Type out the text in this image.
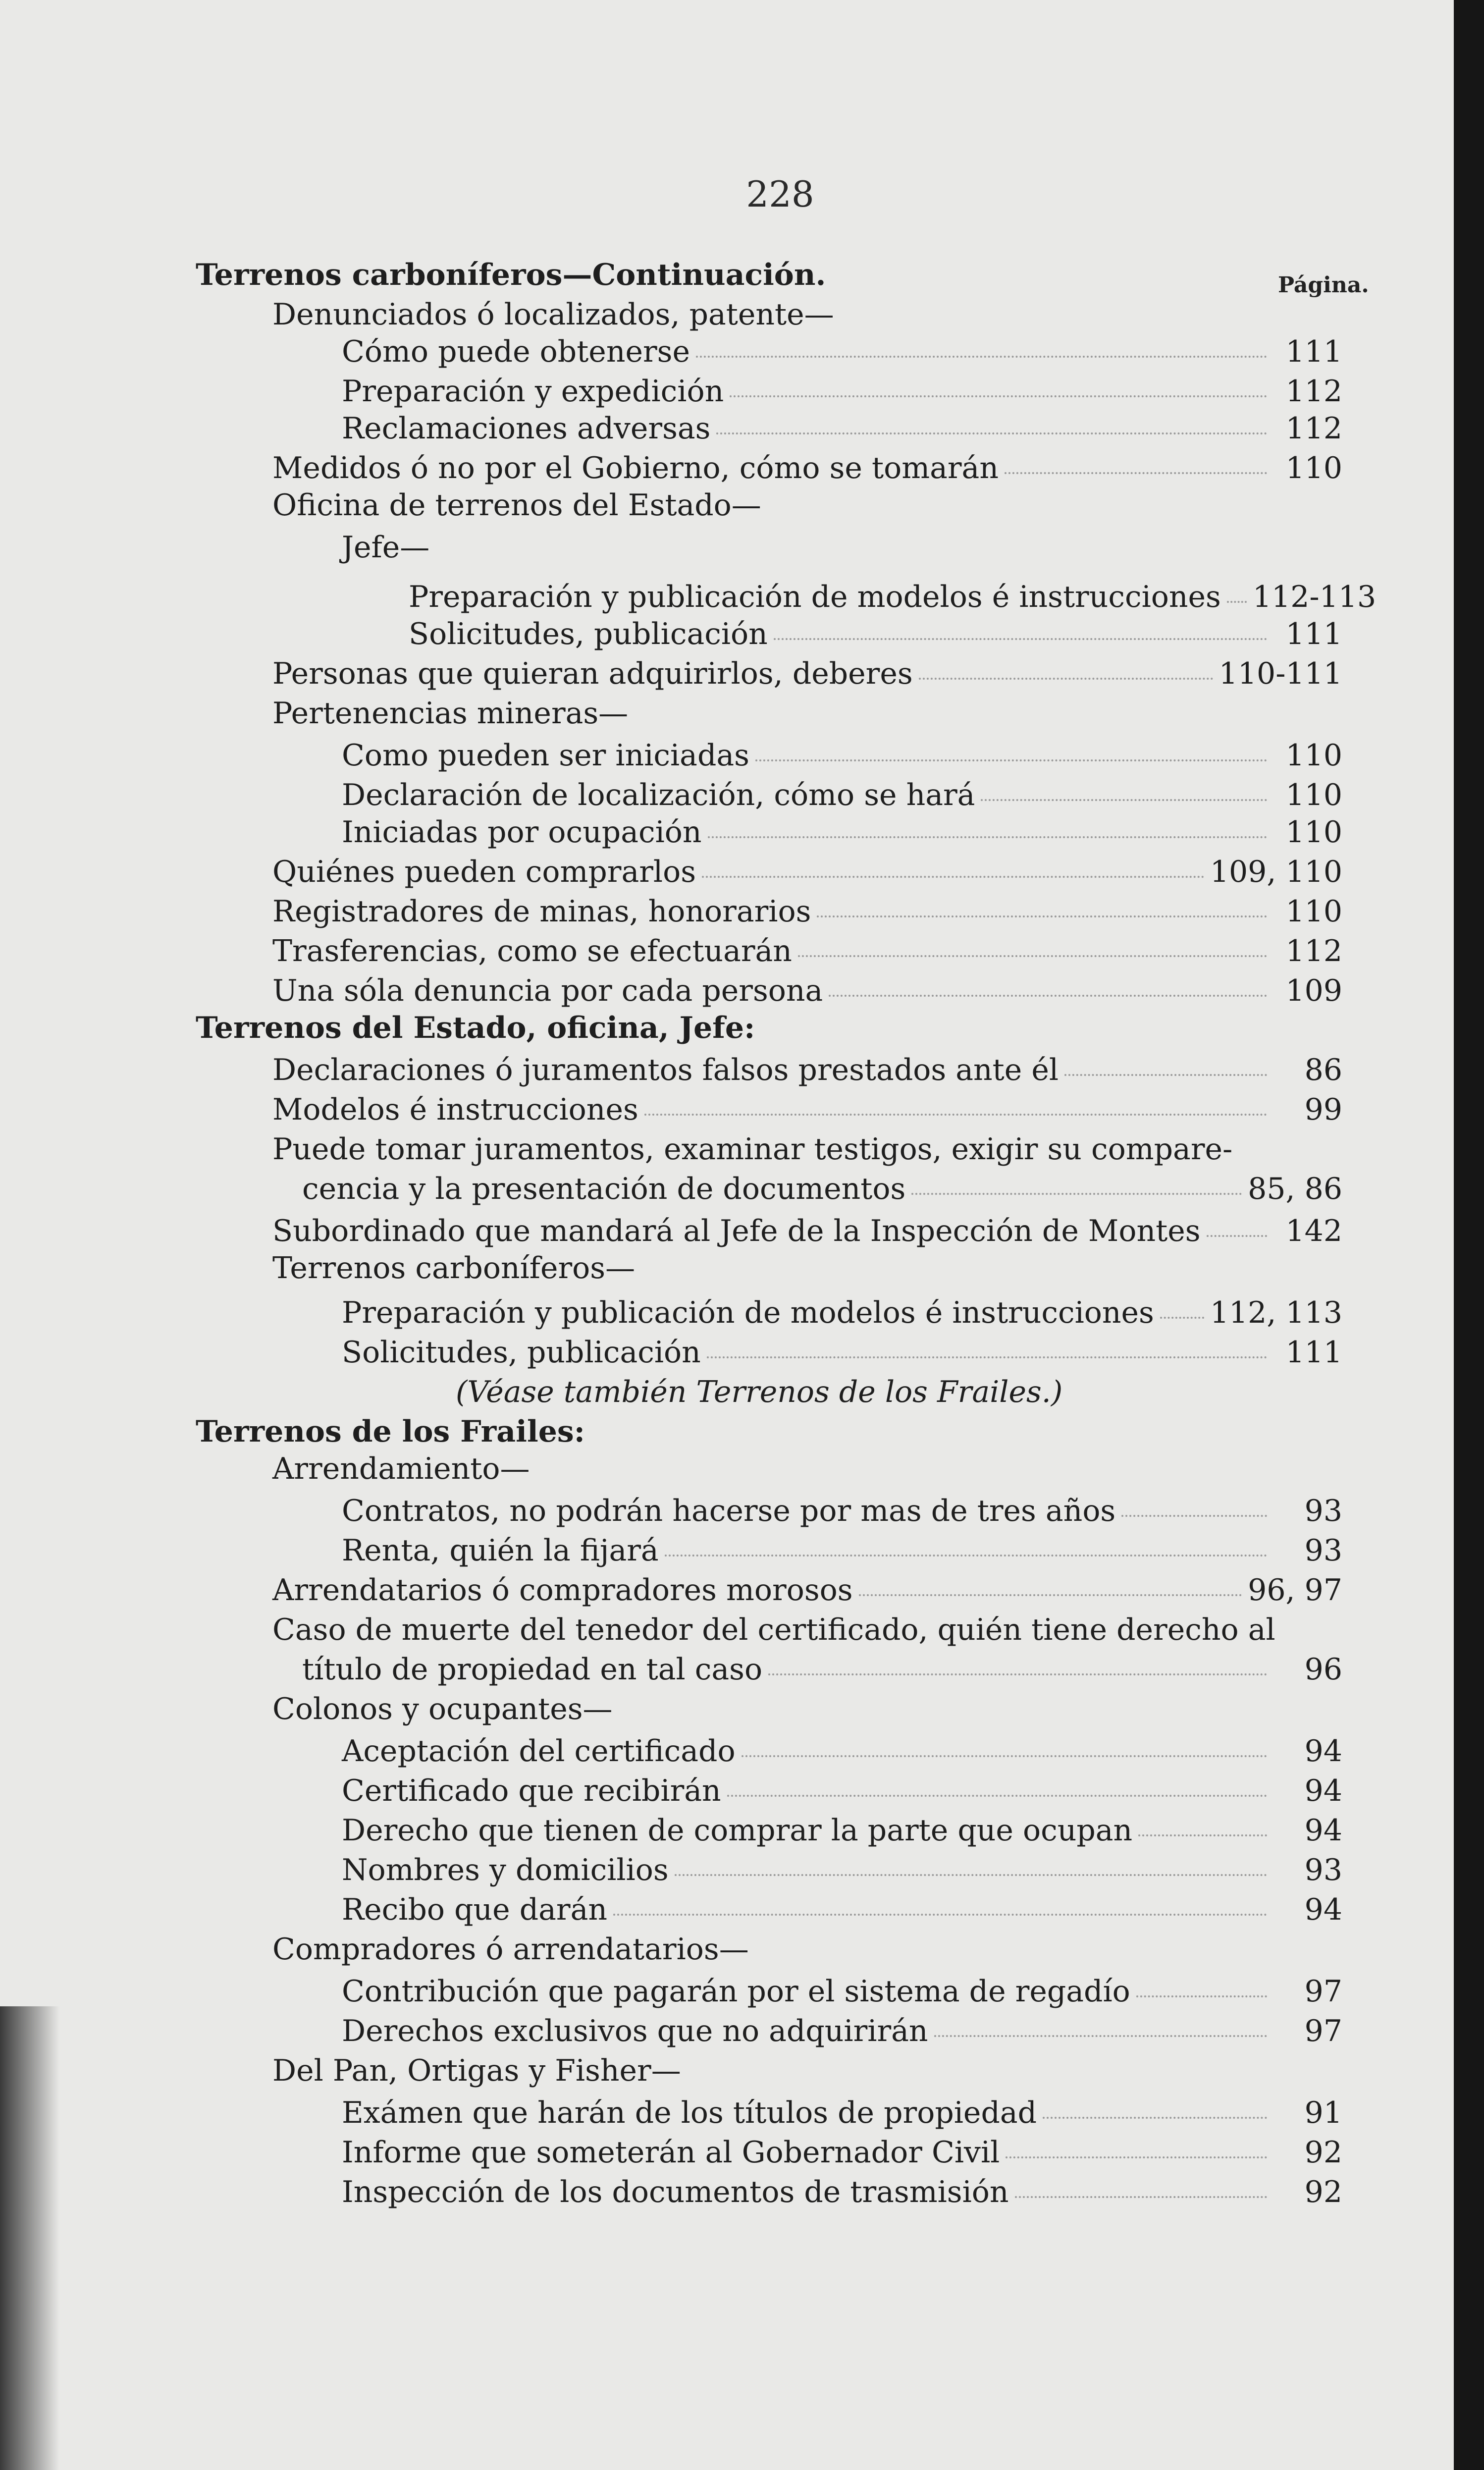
228
Página.
Terrenos carboníferos—Continuación.
Denunciados ó localizados, patente—
Cómo puede obtenerse	111
Preparación y expedición	112
Reclamaciones adversas	112
Medidos ó no por el Gobierno, cómo se tomarán	110
Oficina de terrenos del Estado—
Jefe—
Preparación y publicación de modelos é instrucciones 112-113
Solicitudes, publicación	111
Personas que quieran adquirirlos, deberes	110-111
Pertenencias mineras—
Como pueden ser iniciadas	110
Declaración de localización, cómo se hará	110
Iniciadas por ocupación	110
Quiénes pueden comprarlos	109, 110
Registradores de minas, honorarios	110
Trasferencias, como se efectuarán	112
Una sóla denuncia por cada persona	109
Terrenos del Estado, oficina, Jefe:
Declaraciones ó juramentos falsos prestados ante él	86
Modelos é instrucciones	99
Puede tomar juramentos, examinar testigos, exigir su compare-
cencia y la presentación de documentos	85, 86
Subordinado que mandará al Jefe de la Inspección de Montes	142
Terrenos carboníferos—
Preparación y publicación de modelos é instrucciones 112, 113
Solicitudes, publicación	111
(Véase también Terrenos de los Frailes.)
Terrenos de los Frailes:
Arrendamiento—
Contratos, no podrán hacerse por mas de tres años	93
Renta, quién la fijará	93
Arrendatarios ó compradores morosos	96, 97
Caso de muerte del tenedor del certificado, quién tiene derecho al
título de propiedad en tal caso	96
Colonos y ocupantes—
Aceptación del certificado	94
Certificado que recibirán	94
Derecho que tienen de comprar la parte que ocupan	94
Nombres y domicilios	93
Recibo que darán	94
Compradores ó arrendatarios—
Contribución que pagarán por el sistema de regadío	97
Derechos exclusivos que no adquirirán	97
Del Pan, Ortigas y Fisher—
Exámen que harán de los títulos de propiedad	91
Informe que someterán al Gobernador Civil	92
Inspección de los documentos de trasmisión	92
